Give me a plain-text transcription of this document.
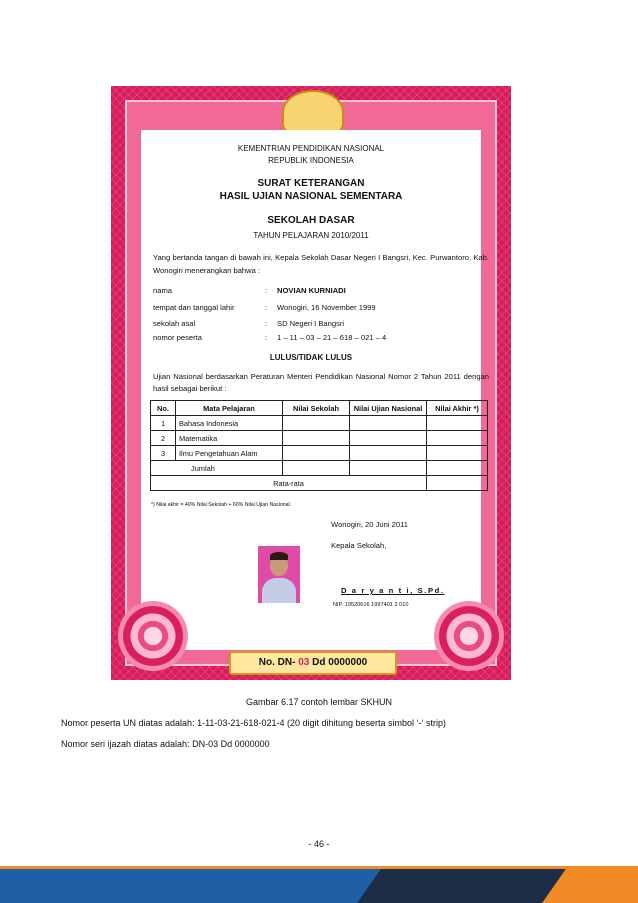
KEMENTRIAN PENDIDIKAN NASIONAL
REPUBLIK INDONESIA
SURAT KETERANGAN
HASIL UJIAN NASIONAL SEMENTARA
SEKOLAH DASAR
TAHUN PELAJARAN 2010/2011
Yang bertanda tangan di bawah ini, Kepala Sekolah Dasar Negeri I Bangsri, Kec. Purwantoro, Kab. Wonogiri menerangkan bahwa :
nama	: NOVIAN KURNIADI
tempat dan tanggal lahir	: Wonogiri, 16 November 1999
sekolah asal	: SD Negeri I Bangsri
nomor peserta	: 1 – 11 – 03 – 21 – 618 – 021 – 4
LULUS/TIDAK LULUS
Ujian Nasional berdasarkan Peraturan Menteri Pendidikan Nasional Nomor 2 Tahun 2011 dengan hasil sebagai berikut :
No.	Mata Pelajaran	Nilai Sekolah	Nilai Ujian Nasional	Nilai Akhir *)
1	Bahasa Indonesia			
2	Matematika			
3	Ilmu Pengetahuan Alam			
Jumlah				
Rata-rata				
*) Nilai akhir = 40% Nilai Sekolah + 60% Nilai Ujian Nasional.
Wonogiri, 20 Juni 2011
Kepala Sekolah,
D a r y a n t i, S.Pd.
NIP. 19520616 1997401 2 010
No. DN- 03 Dd 0000000
Gambar 6.17 contoh lembar SKHUN
Nomor peserta UN diatas adalah: 1-11-03-21-618-021-4 (20 digit dihitung beserta simbol ‘-‘ strip)
Nomor seri ijazah diatas adalah: DN-03 Dd 0000000
- 46 -
